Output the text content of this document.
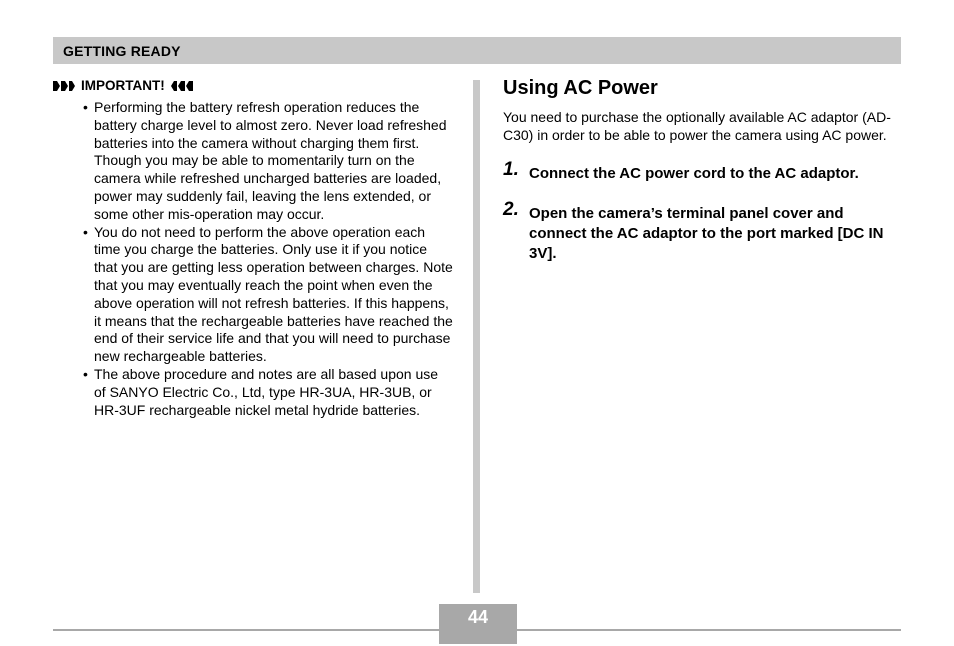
GETTING READY
IMPORTANT!
• Performing the battery refresh operation reduces the battery charge level to almost zero. Never load refreshed batteries into the camera without charging them first. Though you may be able to momentarily turn on the camera while refreshed uncharged batteries are loaded, power may suddenly fail, leaving the lens extended, or some other mis-operation may occur.
• You do not need to perform the above operation each time you charge the batteries. Only use it if you notice that you are getting less operation between charges. Note that you may eventually reach the point when even the above operation will not refresh batteries. If this happens, it means that the rechargeable batteries have reached the end of their service life and that you will need to purchase new rechargeable batteries.
• The above procedure and notes are all based upon use of SANYO Electric Co., Ltd, type HR-3UA, HR-3UB, or HR-3UF rechargeable nickel metal hydride batteries.
Using AC Power

You need to purchase the optionally available AC adaptor (AD-C30) in order to be able to power the camera using AC power.

1. Connect the AC power cord to the AC adaptor.
2. Open the camera’s terminal panel cover and connect the AC adaptor to the port marked [DC IN 3V].
44
